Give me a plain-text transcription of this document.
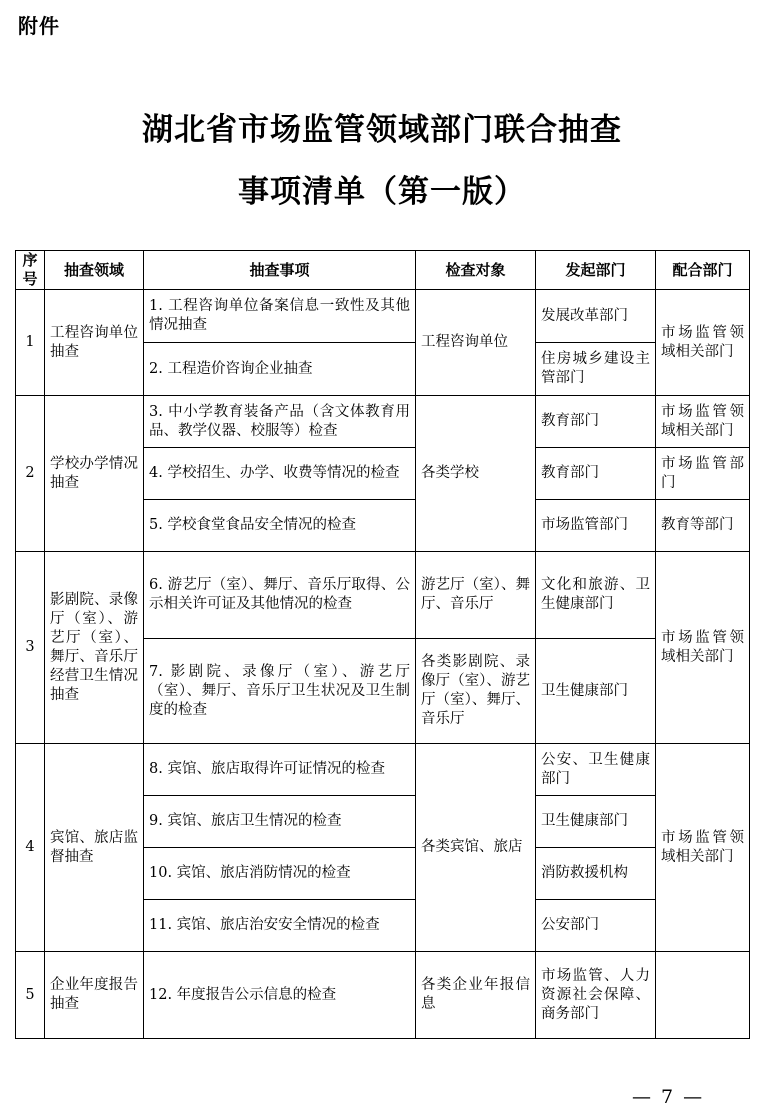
附件
湖北省市场监管领域部门联合抽查
事项清单（第一版）
序号	抽查领域	抽查事项	检查对象	发起部门	配合部门
1	工程咨询单位抽查	1. 工程咨询单位备案信息一致性及其他情况抽查	工程咨询单位	发展改革部门	市场监管领域相关部门
		2. 工程造价咨询企业抽查		住房城乡建设主管部门	
2	学校办学情况抽查	3. 中小学教育装备产品（含文体教育用品、教学仪器、校服等）检查	各类学校	教育部门	市场监管领域相关部门
		4. 学校招生、办学、收费等情况的检查		教育部门	市场监管部门
		5. 学校食堂食品安全情况的检查		市场监管部门	教育等部门
3	影剧院、录像厅（室）、游艺厅（室）、舞厅、音乐厅经营卫生情况抽查	6. 游艺厅（室）、舞厅、音乐厅取得、公示相关许可证及其他情况的检查	游艺厅（室）、舞厅、音乐厅	文化和旅游、卫生健康部门	市场监管领域相关部门
		7. 影剧院、录像厅（室）、游艺厅（室）、舞厅、音乐厅卫生状况及卫生制度的检查	各类影剧院、录像厅（室）、游艺厅（室）、舞厅、音乐厅	卫生健康部门	
4	宾馆、旅店监督抽查	8. 宾馆、旅店取得许可证情况的检查	各类宾馆、旅店	公安、卫生健康部门	市场监管领域相关部门
		9. 宾馆、旅店卫生情况的检查		卫生健康部门	
		10. 宾馆、旅店消防情况的检查		消防救援机构	
		11. 宾馆、旅店治安安全情况的检查		公安部门	
5	企业年度报告抽查	12. 年度报告公示信息的检查	各类企业年报信息	市场监管、人力资源社会保障、商务部门	
— 7 —
